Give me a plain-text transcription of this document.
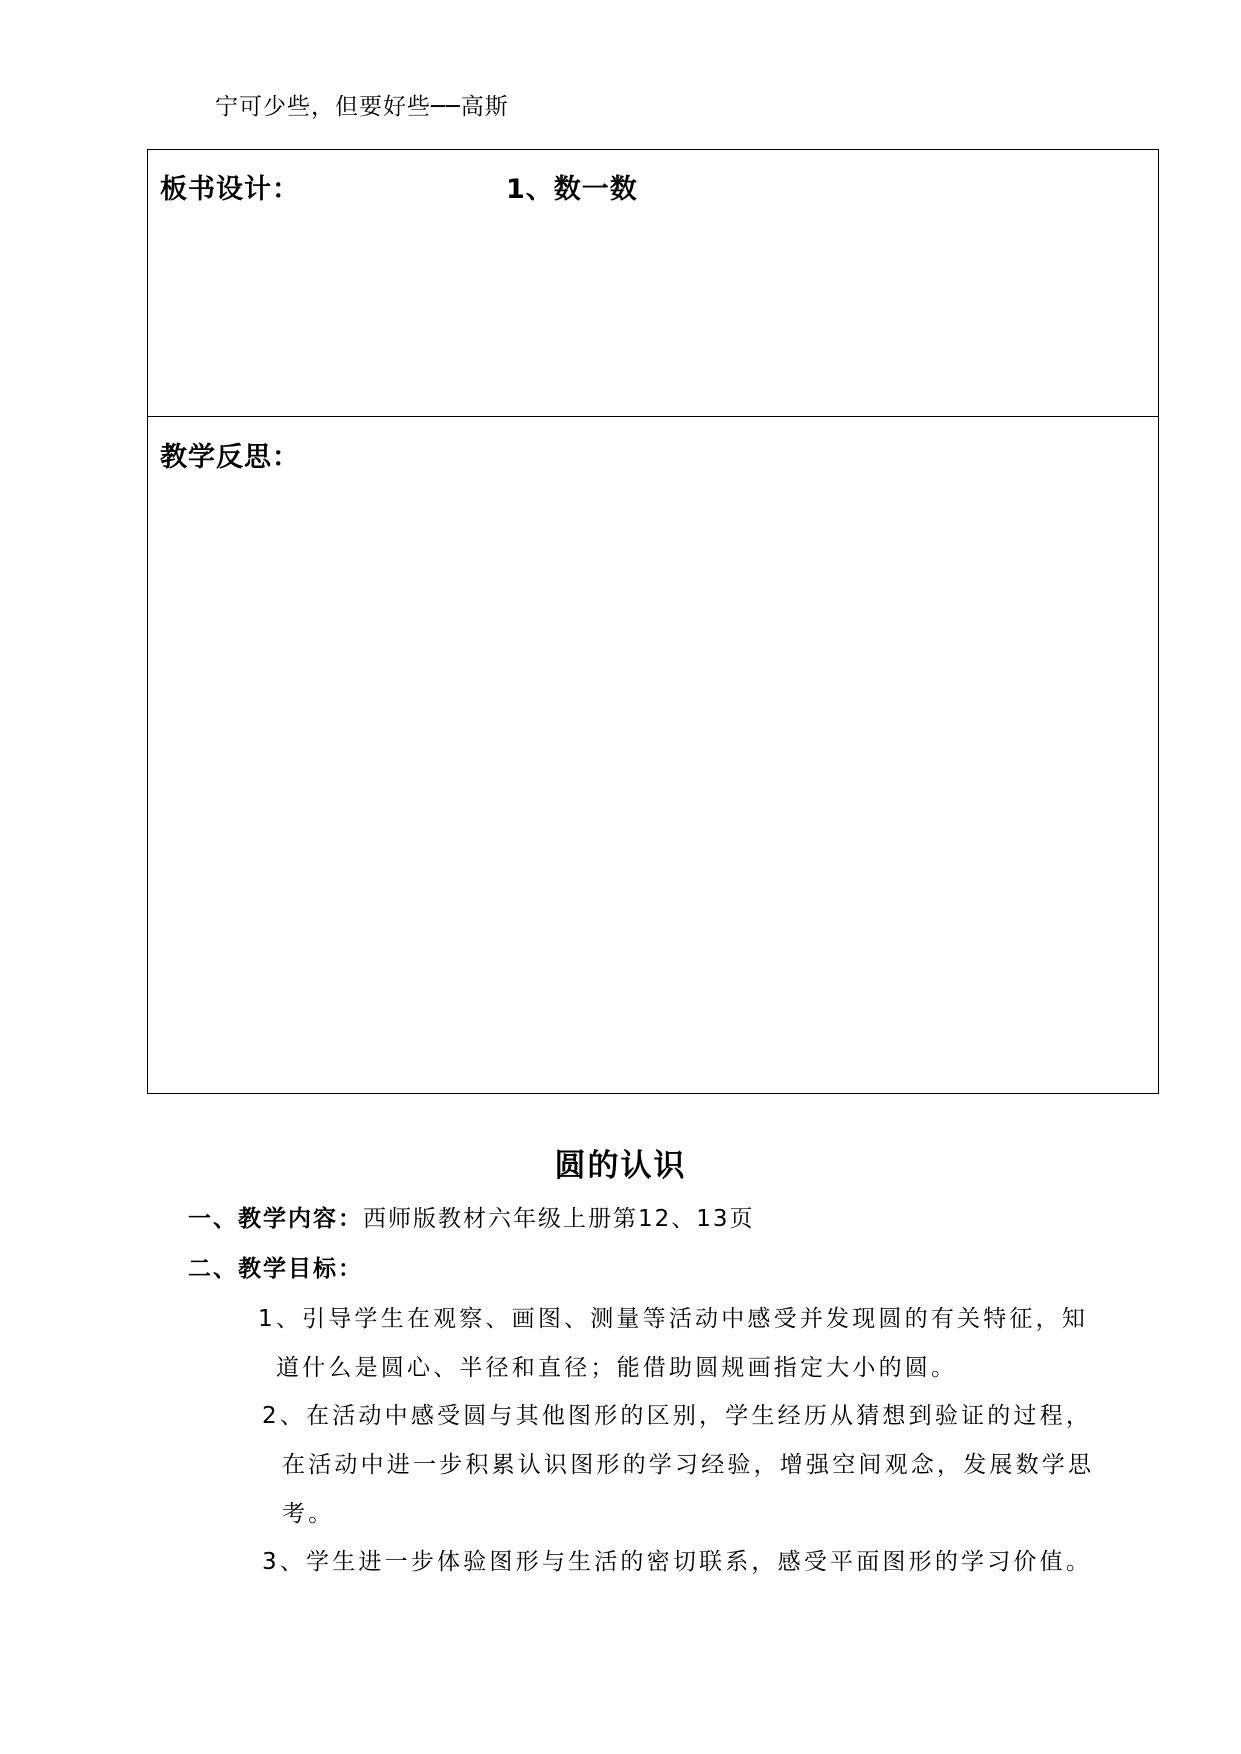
宁可少些，但要好些──高斯
板书设计：	1、数一数
教学反思：
圆的认识
一、教学内容：西师版教材六年级上册第12、13页
二、教学目标：
1、引导学生在观察、画图、测量等活动中感受并发现圆的有关特征，知
道什么是圆心、半径和直径；能借助圆规画指定大小的圆。
2、在活动中感受圆与其他图形的区别，学生经历从猜想到验证的过程，
在活动中进一步积累认识图形的学习经验，增强空间观念，发展数学思
考。
3、学生进一步体验图形与生活的密切联系，感受平面图形的学习价值。
